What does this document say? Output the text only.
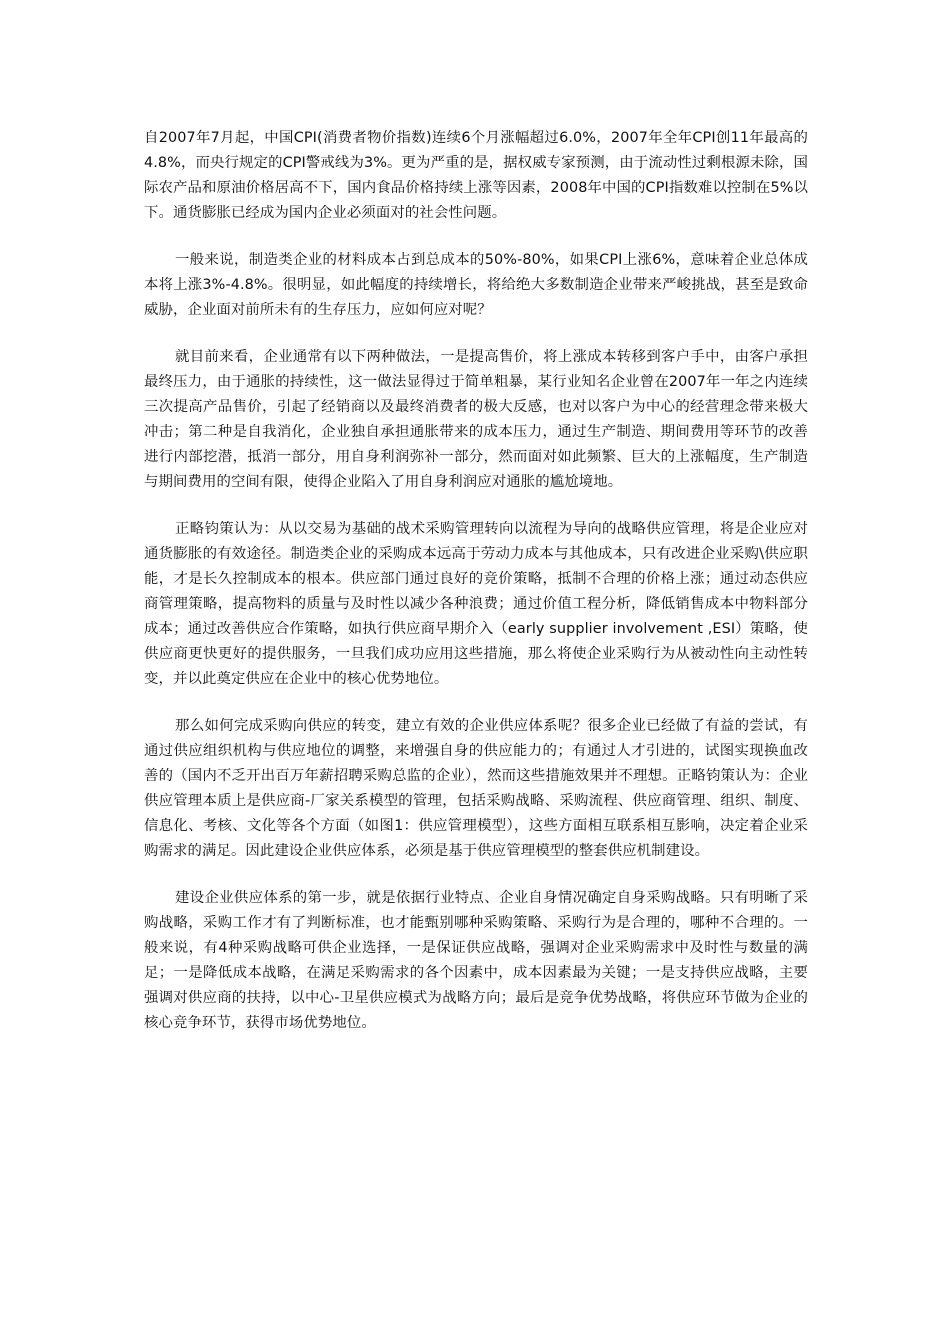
自2007年7月起，中国CPI(消费者物价指数)连续6个月涨幅超过6.0%，2007年全年CPI创11年最高的4.8%，而央行规定的CPI警戒线为3%。更为严重的是，据权威专家预测，由于流动性过剩根源未除，国际农产品和原油价格居高不下，国内食品价格持续上涨等因素，2008年中国的CPI指数难以控制在5%以下。通货膨胀已经成为国内企业必须面对的社会性问题。

一般来说，制造类企业的材料成本占到总成本的50%-80%，如果CPI上涨6%，意味着企业总体成本将上涨3%-4.8%。很明显，如此幅度的持续增长，将给绝大多数制造企业带来严峻挑战，甚至是致命威胁，企业面对前所未有的生存压力，应如何应对呢？

就目前来看，企业通常有以下两种做法，一是提高售价，将上涨成本转移到客户手中，由客户承担最终压力，由于通胀的持续性，这一做法显得过于简单粗暴，某行业知名企业曾在2007年一年之内连续三次提高产品售价，引起了经销商以及最终消费者的极大反感，也对以客户为中心的经营理念带来极大冲击；第二种是自我消化，企业独自承担通胀带来的成本压力，通过生产制造、期间费用等环节的改善进行内部挖潜，抵消一部分，用自身利润弥补一部分，然而面对如此频繁、巨大的上涨幅度，生产制造与期间费用的空间有限，使得企业陷入了用自身利润应对通胀的尴尬境地。

正略钧策认为：从以交易为基础的战术采购管理转向以流程为导向的战略供应管理，将是企业应对通货膨胀的有效途径。制造类企业的采购成本远高于劳动力成本与其他成本，只有改进企业采购\供应职能，才是长久控制成本的根本。供应部门通过良好的竞价策略，抵制不合理的价格上涨；通过动态供应商管理策略，提高物料的质量与及时性以减少各种浪费；通过价值工程分析，降低销售成本中物料部分成本；通过改善供应合作策略，如执行供应商早期介入（early supplier involvement ,ESI）策略，使供应商更快更好的提供服务，一旦我们成功应用这些措施，那么将使企业采购行为从被动性向主动性转变，并以此奠定供应在企业中的核心优势地位。

那么如何完成采购向供应的转变，建立有效的企业供应体系呢？很多企业已经做了有益的尝试，有通过供应组织机构与供应地位的调整，来增强自身的供应能力的；有通过人才引进的，试图实现换血改善的（国内不乏开出百万年薪招聘采购总监的企业），然而这些措施效果并不理想。正略钧策认为：企业供应管理本质上是供应商-厂家关系模型的管理，包括采购战略、采购流程、供应商管理、组织、制度、信息化、考核、文化等各个方面（如图1：供应管理模型），这些方面相互联系相互影响，决定着企业采购需求的满足。因此建设企业供应体系，必须是基于供应管理模型的整套供应机制建设。

建设企业供应体系的第一步，就是依据行业特点、企业自身情况确定自身采购战略。只有明晰了采购战略，采购工作才有了判断标准，也才能甄别哪种采购策略、采购行为是合理的，哪种不合理的。一般来说，有4种采购战略可供企业选择，一是保证供应战略，强调对企业采购需求中及时性与数量的满足；一是降低成本战略，在满足采购需求的各个因素中，成本因素最为关键；一是支持供应战略，主要强调对供应商的扶持，以中心-卫星供应模式为战略方向；最后是竞争优势战略，将供应环节做为企业的核心竞争环节，获得市场优势地位。
